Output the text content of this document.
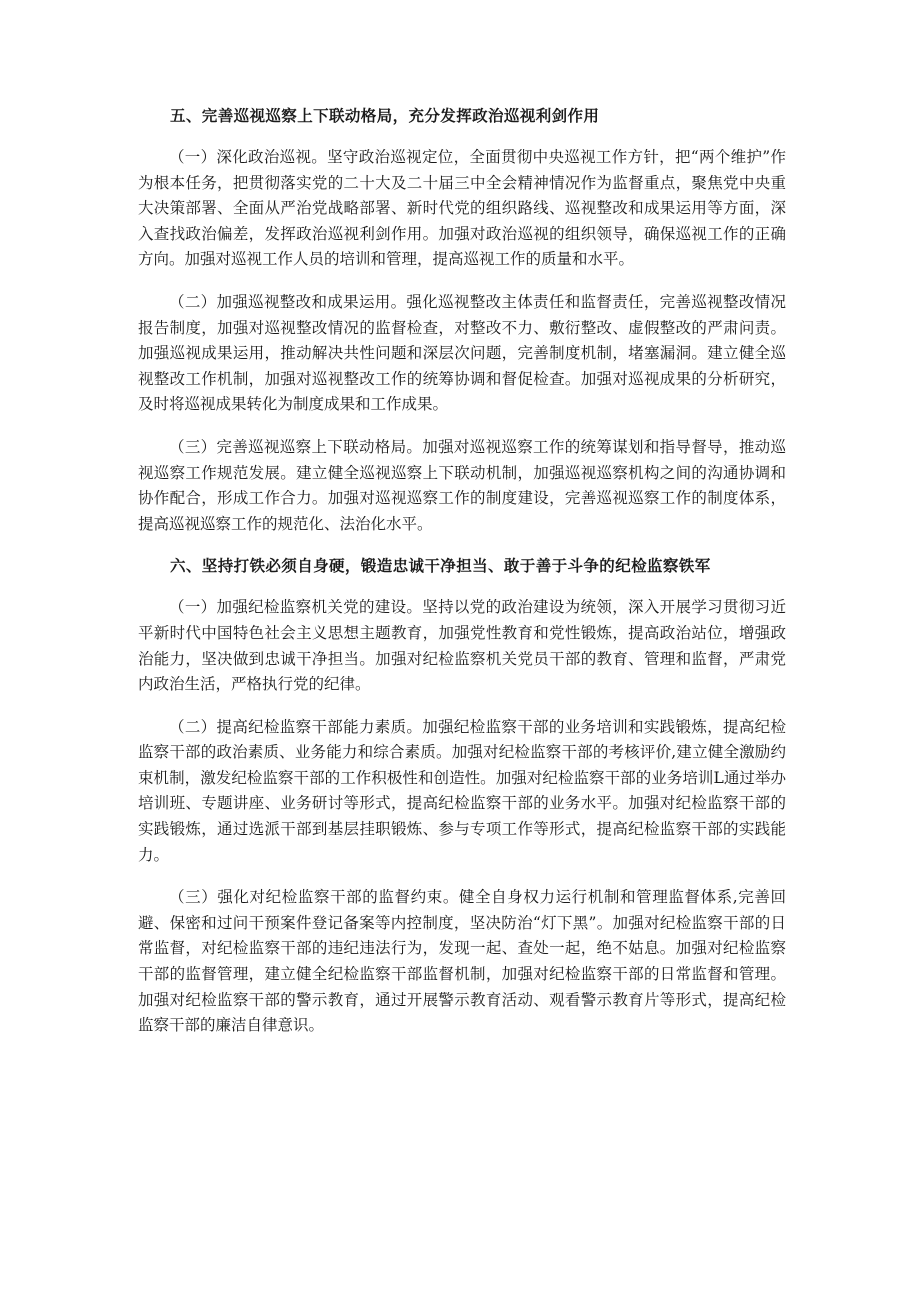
五、完善巡视巡察上下联动格局，充分发挥政治巡视利剑作用

（一）深化政治巡视。坚守政治巡视定位，全面贯彻中央巡视工作方针，把“两个维护”作为根本任务，把贯彻落实党的二十大及二十届三中全会精神情况作为监督重点，聚焦党中央重大决策部署、全面从严治党战略部署、新时代党的组织路线、巡视整改和成果运用等方面，深入查找政治偏差，发挥政治巡视利剑作用。加强对政治巡视的组织领导，确保巡视工作的正确方向。加强对巡视工作人员的培训和管理，提高巡视工作的质量和水平。

（二）加强巡视整改和成果运用。强化巡视整改主体责任和监督责任，完善巡视整改情况报告制度，加强对巡视整改情况的监督检查，对整改不力、敷衍整改、虚假整改的严肃问责。加强巡视成果运用，推动解决共性问题和深层次问题，完善制度机制，堵塞漏洞。建立健全巡视整改工作机制，加强对巡视整改工作的统筹协调和督促检查。加强对巡视成果的分析研究，及时将巡视成果转化为制度成果和工作成果。

（三）完善巡视巡察上下联动格局。加强对巡视巡察工作的统筹谋划和指导督导，推动巡视巡察工作规范发展。建立健全巡视巡察上下联动机制，加强巡视巡察机构之间的沟通协调和协作配合，形成工作合力。加强对巡视巡察工作的制度建设，完善巡视巡察工作的制度体系，提高巡视巡察工作的规范化、法治化水平。

六、坚持打铁必须自身硬，锻造忠诚干净担当、敢于善于斗争的纪检监察铁军

（一）加强纪检监察机关党的建设。坚持以党的政治建设为统领，深入开展学习贯彻习近平新时代中国特色社会主义思想主题教育，加强党性教育和党性锻炼，提高政治站位，增强政治能力，坚决做到忠诚干净担当。加强对纪检监察机关党员干部的教育、管理和监督，严肃党内政治生活，严格执行党的纪律。

（二）提高纪检监察干部能力素质。加强纪检监察干部的业务培训和实践锻炼，提高纪检监察干部的政治素质、业务能力和综合素质。加强对纪检监察干部的考核评价,建立健全激励约束机制，激发纪检监察干部的工作积极性和创造性。加强对纪检监察干部的业务培训L通过举办培训班、专题讲座、业务研讨等形式，提高纪检监察干部的业务水平。加强对纪检监察干部的实践锻炼，通过选派干部到基层挂职锻炼、参与专项工作等形式，提高纪检监察干部的实践能力。

（三）强化对纪检监察干部的监督约束。健全自身权力运行机制和管理监督体系,完善回避、保密和过问干预案件登记备案等内控制度，坚决防治“灯下黑”。加强对纪检监察干部的日常监督，对纪检监察干部的违纪违法行为，发现一起、查处一起，绝不姑息。加强对纪检监察干部的监督管理，建立健全纪检监察干部监督机制，加强对纪检监察干部的日常监督和管理。加强对纪检监察干部的警示教育，通过开展警示教育活动、观看警示教育片等形式，提高纪检监察干部的廉洁自律意识。
